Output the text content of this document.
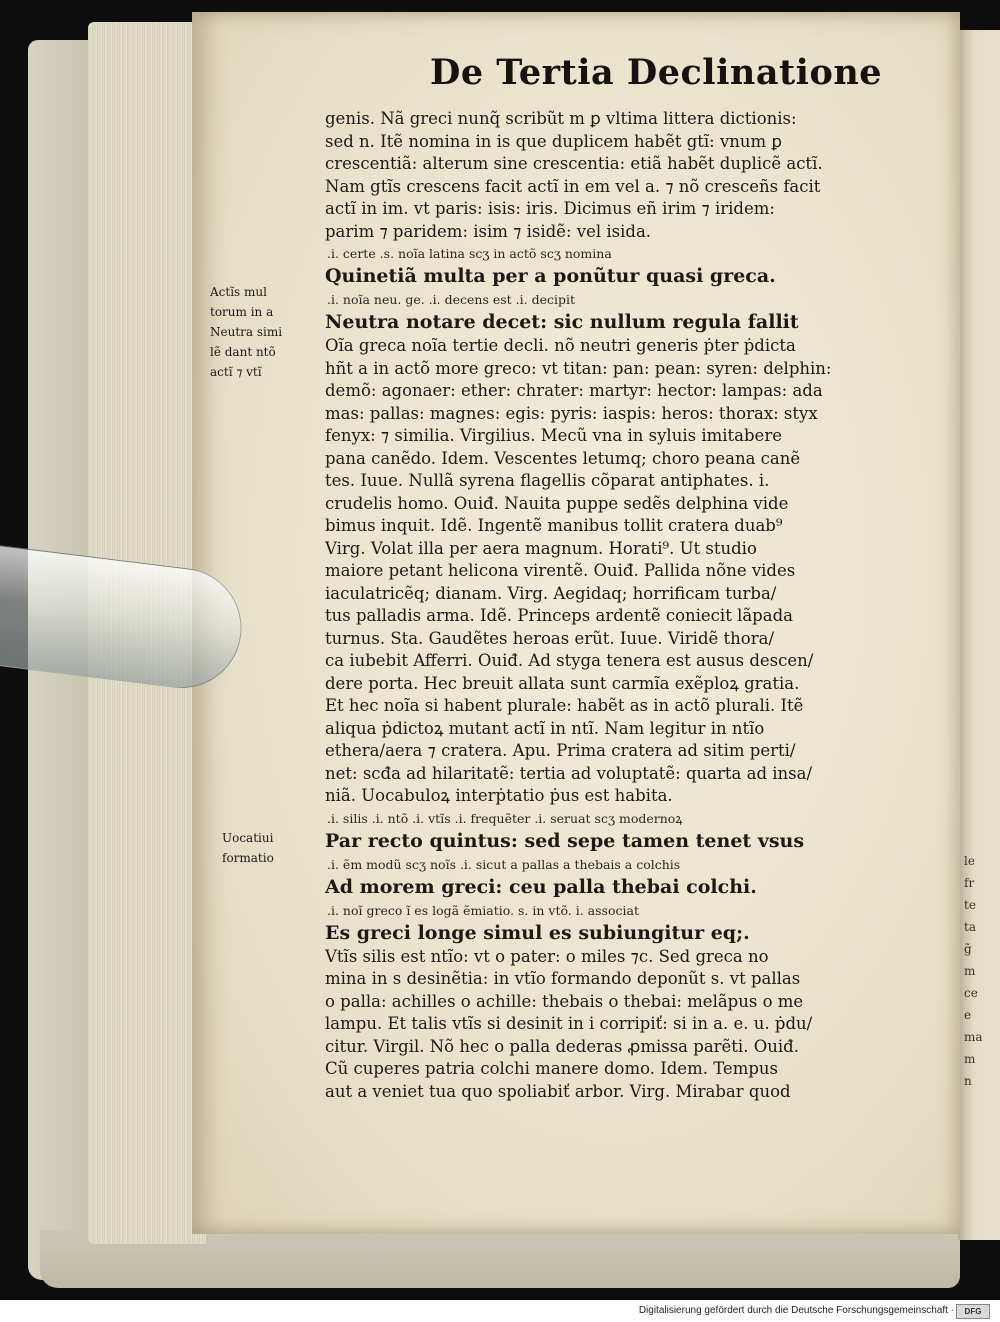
le
fr
te
ta
g̃
m
ce
e
ma
m
n
De Tertia Declinatione
Actĩs mul
torum in a
Neutra simi
lẽ dant ntõ
actĩ ⁊ vtĩ
Uocatiui
formatio
genis. Nã greci nunq̃ scribũt m ꝑ vltima littera dictionis:
sed n. Itẽ nomina in is que duplicem habẽt gtĩ: vnum ꝑ
crescentiã: alterum sine crescentia: etiã habẽt duplicẽ actĩ.
Nam gtĩs crescens facit actĩ in em vel a. ⁊ nõ cresceñs facit
actĩ in im. vt paris: isis: iris. Dicimus eñ irim ⁊ iridem:
parim ⁊ paridem: isim ⁊ isidẽ: vel isida.
.i. certe .s. noĩa latina scʒ in actõ scʒ nomina
Quinetiã multa per a ponũtur quasi greca.
.i. noĩa neu. ge. .i. decens est .i. decipit
Neutra notare decet: sic nullum regula fallit
Oĩa greca noĩa tertie decli. nõ neutri generis ṗter ṗdicta
hñt a in actõ more greco: vt titan: pan: pean: syren: delphin:
demõ: agonaer: ether: chrater: martyr: hector: lampas: ada
mas: pallas: magnes: egis: pyris: iaspis: heros: thorax: styx
fenyx: ⁊ similia. Virgilius. Mecũ vna in syluis imitabere
pana canẽdo. Idem. Vescentes letumq; choro peana canẽ
tes. Iuue. Nullã syrena flagellis cõparat antiphates. i.
crudelis homo. Ouiđ. Nauita puppe sedẽs delphina vide
bimus inquit. Idẽ. Ingentẽ manibus tollit cratera duab⁹
Virg. Volat illa per aera magnum. Horati⁹. Ut studio
maiore petant helicona virentẽ. Ouiđ. Pallida nõne vides
iaculatricẽq; dianam. Virg. Aegidaq; horrificam turba/
tus palladis arma. Idẽ. Princeps ardentẽ coniecit lãpada
turnus. Sta. Gaudẽtes heroas erũt. Iuue. Viridẽ thora/
ca iubebit Afferri. Ouiđ. Ad styga tenera est ausus descen/
dere porta. Hec breuit allata sunt carmĩa exẽploꝝ gratia.
Et hec noĩa si habent plurale: habẽt as in actõ plurali. Itẽ
aliqua ṗdictoꝝ mutant actĩ in ntĩ. Nam legitur in ntĩo
ethera/aera ⁊ cratera. Apu. Prima cratera ad sitim perti/
net: scđa ad hilaritatẽ: tertia ad voluptatẽ: quarta ad insa/
niã. Uocabuloꝝ interṗtatio ṗus est habita.
.i. silis .i. ntõ .i. vtĩs .i. frequẽter .i. seruat scʒ modernoꝝ
Par recto quintus: sed sepe tamen tenet vsus
.i. ẽm modũ scʒ noĩs .i. sicut a pallas a thebais a colchis
Ad morem greci: ceu palla thebai colchi.
.i. noĩ greco ĩ es logã ẽmiatio. s. in vtõ. i. associat
Es greci longe simul es subiungitur eq;.
Vtĩs silis est ntĩo: vt o pater: o miles ⁊c. Sed greca no
mina in s desinẽtia: in vtĩo formando deponũt s. vt pallas
o palla: achilles o achille: thebais o thebai: melãpus o me
lampu. Et talis vtĩs si desinit in i corripiť: si in a. e. u. ṗdu/
citur. Virgil. Nõ hec o palla dederas ꝓmissa parẽti. Ouiđ.
Cũ cuperes patria colchi manere domo. Idem. Tempus
aut a veniet tua quo spoliabiť arbor. Virg. Mirabar quod
Digitalisierung gefördert durch die Deutsche Forschungsgemeinschaft ·	DFG
